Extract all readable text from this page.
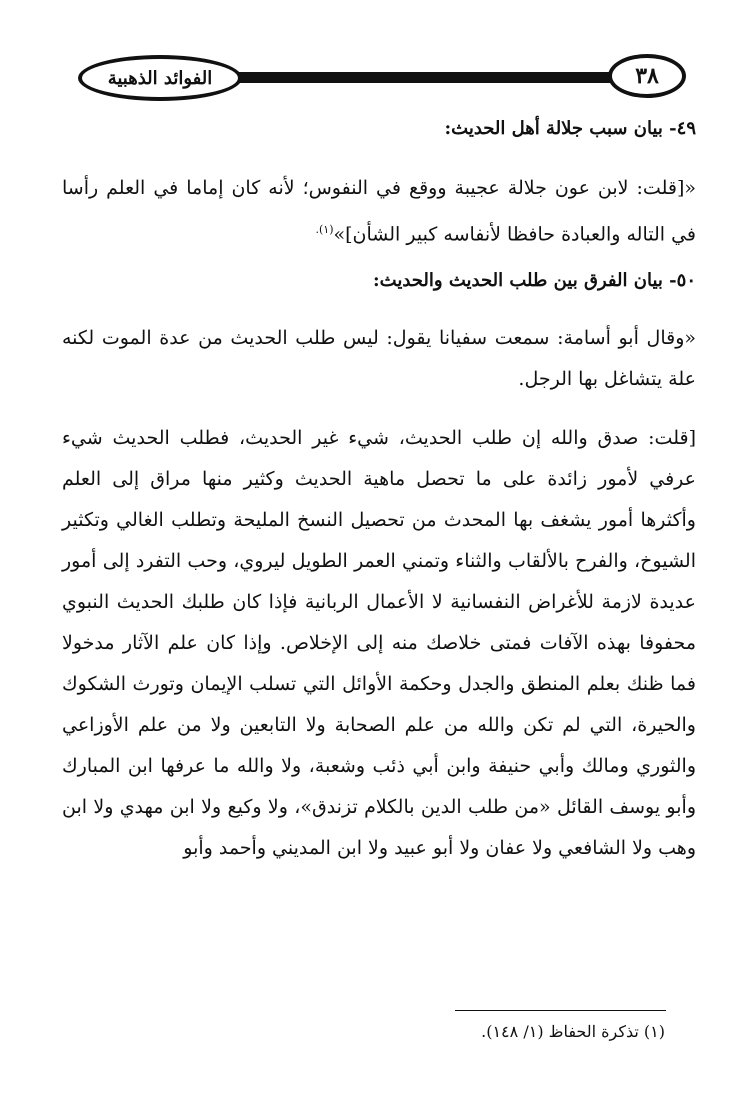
الفوائد الذهبية	٣٨
٤٩- بيان سبب جلالة أهل الحديث:

«[قلت: لابن عون جلالة عجيبة ووقع في النفوس؛ لأنه كان إماما في العلم رأسا في التاله والعبادة حافظا لأنفاسه كبير الشأن]»$^{(١).}$

٥٠- بيان الفرق بين طلب الحديث والحديث:

«وقال أبو أسامة: سمعت سفيانا يقول: ليس طلب الحديث من عدة الموت لكنه علة يتشاغل بها الرجل.

[قلت: صدق والله إن طلب الحديث، شيء غير الحديث، فطلب الحديث شيء عرفي لأمور زائدة على ما تحصل ماهية الحديث وكثير منها مراق إلى العلم وأكثرها أمور يشغف بها المحدث من تحصيل النسخ المليحة وتطلب الغالي وتكثير الشيوخ، والفرح بالألقاب والثناء وتمني العمر الطويل ليروي، وحب التفرد إلى أمور عديدة لازمة للأغراض النفسانية لا الأعمال الربانية فإذا كان طلبك الحديث النبوي محفوفا بهذه الآفات فمتى خلاصك منه إلى الإخلاص. وإذا كان علم الآثار مدخولا فما ظنك بعلم المنطق والجدل وحكمة الأوائل التي تسلب الإيمان وتورث الشكوك والحيرة، التي لم تكن والله من علم الصحابة ولا التابعين ولا من علم الأوزاعي والثوري ومالك وأبي حنيفة وابن أبي ذئب وشعبة، ولا والله ما عرفها ابن المبارك وأبو يوسف القائل «من طلب الدين بالكلام تزندق»، ولا وكيع ولا ابن مهدي ولا ابن وهب ولا الشافعي ولا عفان ولا أبو عبيد ولا ابن المديني وأحمد وأبو

(١) تذكرة الحفاظ (١/ ١٤٨).
